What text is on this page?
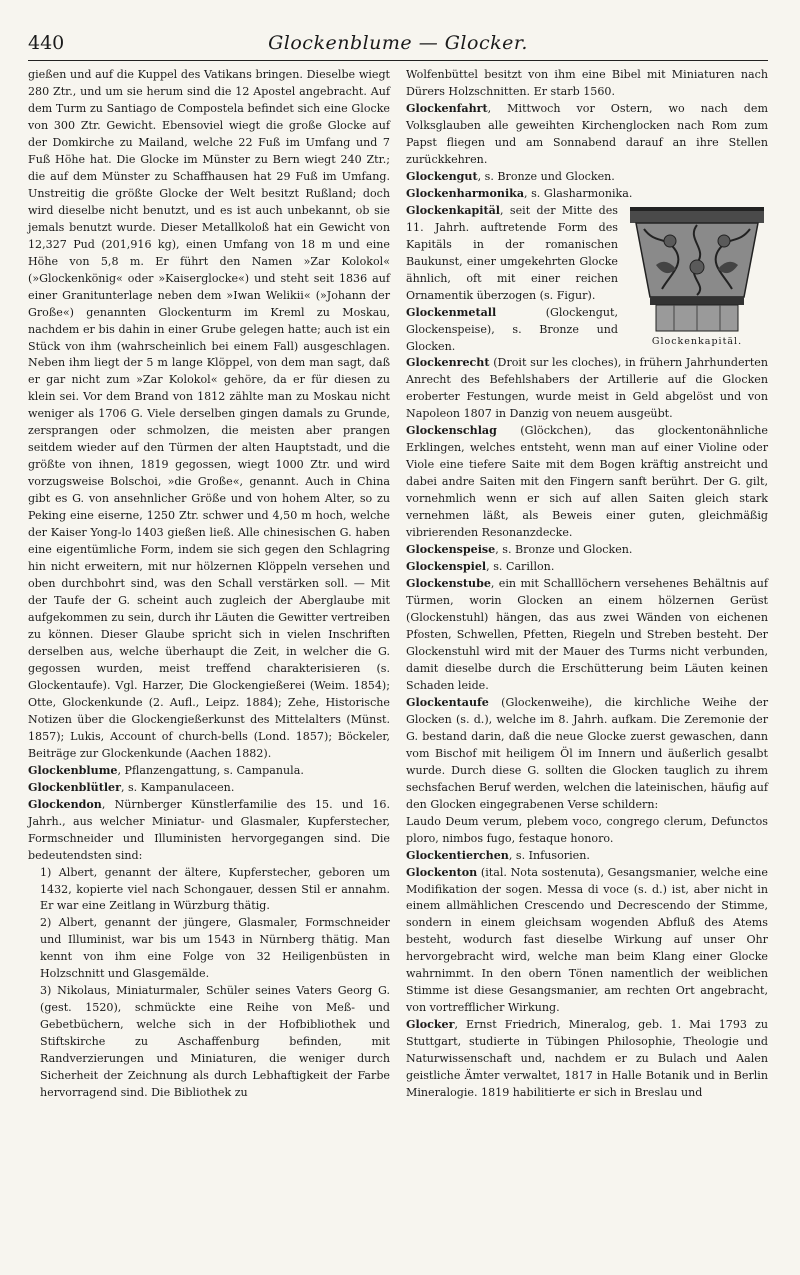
440	Glockenblume — Glocker.

gießen und auf die Kuppel des Vatikans bringen. Dieselbe wiegt 280 Ztr., und um sie herum sind die 12 Apostel angebracht. Auf dem Turm zu Santiago de Compostela befindet sich eine Glocke von 300 Ztr. Gewicht. Ebensoviel wiegt die große Glocke auf der Domkirche zu Mailand, welche 22 Fuß im Umfang und 7 Fuß Höhe hat. Die Glocke im Münster zu Bern wiegt 240 Ztr.; die auf dem Münster zu Schaffhausen hat 29 Fuß im Umfang. Unstreitig die größte Glocke der Welt besitzt Rußland; doch wird dieselbe nicht benutzt, und es ist auch unbekannt, ob sie jemals benutzt wurde. Dieser Metallkoloß hat ein Gewicht von 12,327 Pud (201,916 kg), einen Umfang von 18 m und eine Höhe von 5,8 m. Er führt den Namen »Zar Kolokol« (»Glockenkönig« oder »Kaiserglocke«) und steht seit 1836 auf einer Granitunterlage neben dem »Iwan Welikii« (»Johann der Große«) genannten Glockenturm im Kreml zu Moskau, nachdem er bis dahin in einer Grube gelegen hatte; auch ist ein Stück von ihm (wahrscheinlich bei einem Fall) ausgeschlagen. Neben ihm liegt der 5 m lange Klöppel, von dem man sagt, daß er gar nicht zum »Zar Kolokol« gehöre, da er für diesen zu klein sei. Vor dem Brand von 1812 zählte man zu Moskau nicht weniger als 1706 G. Viele derselben gingen damals zu Grunde, zersprangen oder schmolzen, die meisten aber prangen seitdem wieder auf den Türmen der alten Hauptstadt, und die größte von ihnen, 1819 gegossen, wiegt 1000 Ztr. und wird vorzugsweise Bolschoi, »die Große«, genannt. Auch in China gibt es G. von ansehnlicher Größe und von hohem Alter, so zu Peking eine eiserne, 1250 Ztr. schwer und 4,50 m hoch, welche der Kaiser Yong-lo 1403 gießen ließ. Alle chinesischen G. haben eine eigentümliche Form, indem sie sich gegen den Schlagring hin nicht erweitern, mit nur hölzernen Klöppeln versehen und oben durchbohrt sind, was den Schall verstärken soll. — Mit der Taufe der G. scheint auch zugleich der Aberglaube mit aufgekommen zu sein, durch ihr Läuten die Gewitter vertreiben zu können. Dieser Glaube spricht sich in vielen Inschriften derselben aus, welche überhaupt die Zeit, in welcher die G. gegossen wurden, meist treffend charakterisieren (s. Glockentaufe). Vgl. Harzer, Die Glockengießerei (Weim. 1854); Otte, Glockenkunde (2. Aufl., Leipz. 1884); Zehe, Historische Notizen über die Glockengießerkunst des Mittelalters (Münst. 1857); Lukis, Account of church-bells (Lond. 1857); Böckeler, Beiträge zur Glockenkunde (Aachen 1882).

Glockenblume, Pflanzengattung, s. Campanula.

Glockenblütler, s. Kampanulaceen.

Glockendon, Nürnberger Künstlerfamilie des 15. und 16. Jahrh., aus welcher Miniatur- und Glasmaler, Kupferstecher, Formschneider und Illuministen hervorgegangen sind. Die bedeutendsten sind:

1) Albert, genannt der ältere, Kupferstecher, geboren um 1432, kopierte viel nach Schongauer, dessen Stil er annahm. Er war eine Zeitlang in Würzburg thätig.

2) Albert, genannt der jüngere, Glasmaler, Formschneider und Illuminist, war bis um 1543 in Nürnberg thätig. Man kennt von ihm eine Folge von 32 Heiligenbüsten in Holzschnitt und Glasgemälde.

3) Nikolaus, Miniaturmaler, Schüler seines Vaters Georg G. (gest. 1520), schmückte eine Reihe von Meß- und Gebetbüchern, welche sich in der Hofbibliothek und Stiftskirche zu Aschaffenburg befinden, mit Randverzierungen und Miniaturen, die weniger durch Sicherheit der Zeichnung als durch Lebhaftigkeit der Farbe hervorragend sind. Die Bibliothek zu

Wolfenbüttel besitzt von ihm eine Bibel mit Miniaturen nach Dürers Holzschnitten. Er starb 1560.

Glockenfahrt, Mittwoch vor Ostern, wo nach dem Volksglauben alle geweihten Kirchenglocken nach Rom zum Papst fliegen und am Sonnabend darauf an ihre Stellen zurückkehren.

Glockengut, s. Bronze und Glocken.

Glockenharmonika, s. Glasharmonika.

Glockenkapitäl.
Glockenkapitäl, seit der Mitte des 11. Jahrh. auftretende Form des Kapitäls in der romanischen Baukunst, einer umgekehrten Glocke ähnlich, oft mit einer reichen Ornamentik überzogen (s. Figur).

Glockenmetall (Glockengut, Glockenspeise), s. Bronze und Glocken.

Glockenrecht (Droit sur les cloches), in frühern Jahrhunderten Anrecht des Befehlshabers der Artillerie auf die Glocken eroberter Festungen, wurde meist in Geld abgelöst und von Napoleon 1807 in Danzig von neuem ausgeübt.

Glockenschlag (Glöckchen), das glockentonähnliche Erklingen, welches entsteht, wenn man auf einer Violine oder Viole eine tiefere Saite mit dem Bogen kräftig anstreicht und dabei andre Saiten mit den Fingern sanft berührt. Der G. gilt, vornehmlich wenn er sich auf allen Saiten gleich stark vernehmen läßt, als Beweis einer guten, gleichmäßig vibrierenden Resonanzdecke.

Glockenspeise, s. Bronze und Glocken.

Glockenspiel, s. Carillon.

Glockenstube, ein mit Schalllöchern versehenes Behältnis auf Türmen, worin Glocken an einem hölzernen Gerüst (Glockenstuhl) hängen, das aus zwei Wänden von eichenen Pfosten, Schwellen, Pfetten, Riegeln und Streben besteht. Der Glockenstuhl wird mit der Mauer des Turms nicht verbunden, damit dieselbe durch die Erschütterung beim Läuten keinen Schaden leide.

Glockentaufe (Glockenweihe), die kirchliche Weihe der Glocken (s. d.), welche im 8. Jahrh. aufkam. Die Zeremonie der G. bestand darin, daß die neue Glocke zuerst gewaschen, dann vom Bischof mit heiligem Öl im Innern und äußerlich gesalbt wurde. Durch diese G. sollten die Glocken tauglich zu ihrem sechsfachen Beruf werden, welchen die lateinischen, häufig auf den Glocken eingegrabenen Verse schildern:

Laudo Deum verum, plebem voco, congrego clerum, Defunctos ploro, nimbos fugo, festaque honoro.

Glockentierchen, s. Infusorien.

Glockenton (ital. Nota sostenuta), Gesangsmanier, welche eine Modifikation der sogen. Messa di voce (s. d.) ist, aber nicht in einem allmählichen Crescendo und Decrescendo der Stimme, sondern in einem gleichsam wogenden Abfluß des Atems besteht, wodurch fast dieselbe Wirkung auf unser Ohr hervorgebracht wird, welche man beim Klang einer Glocke wahrnimmt. In den obern Tönen namentlich der weiblichen Stimme ist diese Gesangsmanier, am rechten Ort angebracht, von vortrefflicher Wirkung.

Glocker, Ernst Friedrich, Mineralog, geb. 1. Mai 1793 zu Stuttgart, studierte in Tübingen Philosophie, Theologie und Naturwissenschaft und, nachdem er zu Bulach und Aalen geistliche Ämter verwaltet, 1817 in Halle Botanik und in Berlin Mineralogie. 1819 habilitierte er sich in Breslau und
